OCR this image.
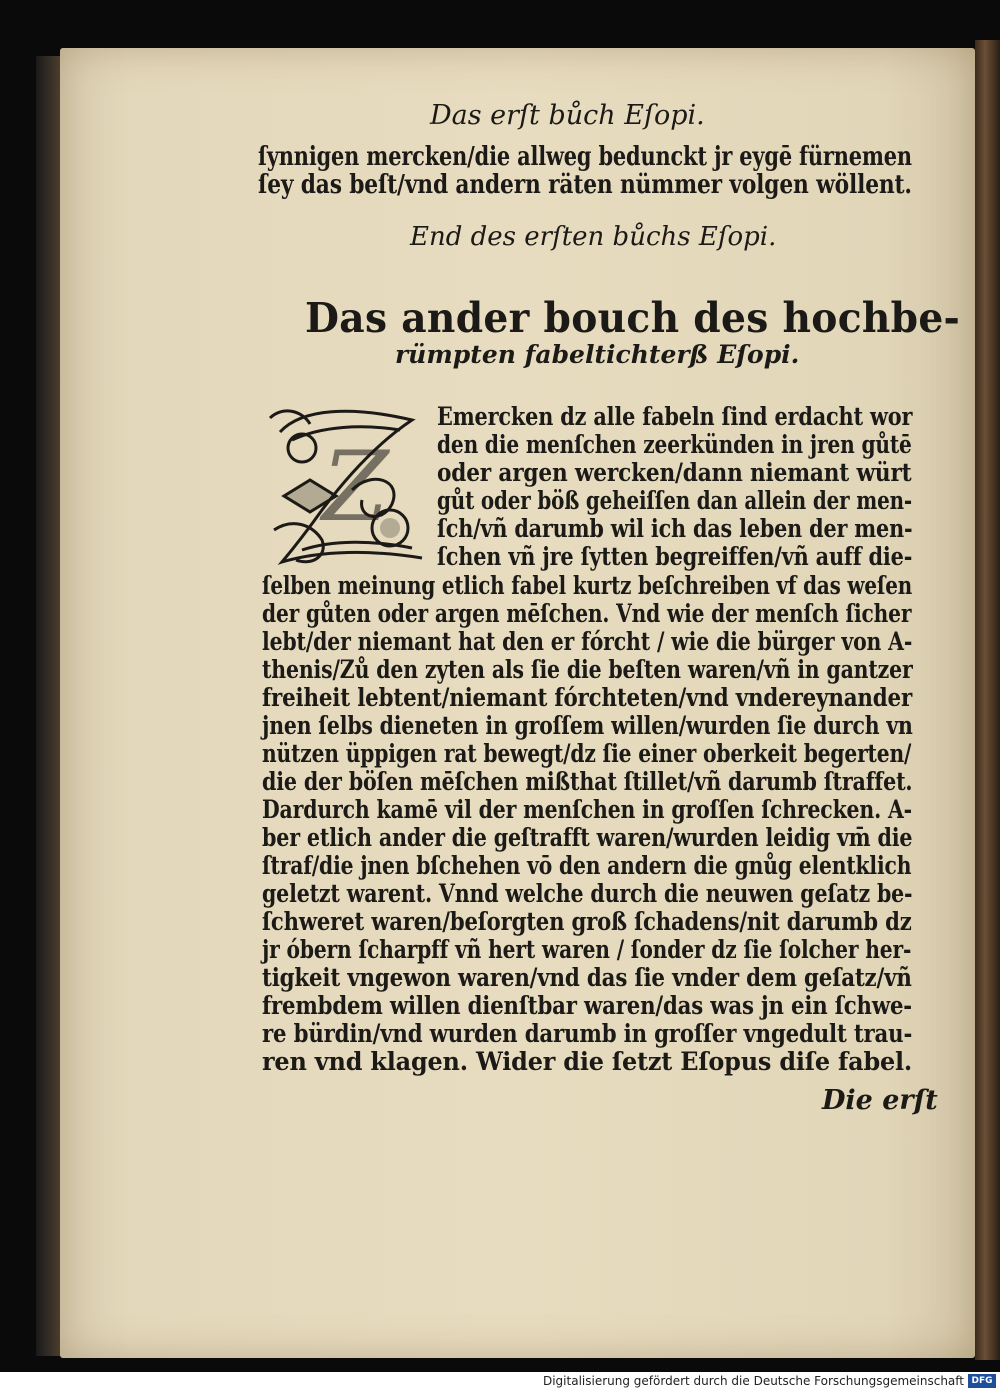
Das erſt bůch Eſopi.
ſynnigen mercken/die allweg bedunckt jr eygē fürnemen
ſey das beſt/vnd andern räten nümmer volgen wöllent.
End des erſten bůchs Eſopi.
Das ander bouch des hochbe-
rümpten fabeltichterß Eſopi.
Z
Emercken dz alle fabeln ſind erdacht wor
den die menſchen zeerkünden in jren gůtē
oder argen wercken/dann niemant würt
gůt oder böß geheiſſen dan allein der men-
ſch/vñ darumb wil ich das leben der men-
ſchen vñ jre ſytten begreiffen/vñ auff die-
ſelben meinung etlich fabel kurtz beſchreiben vf das weſen
der gůten oder argen mēſchen. Vnd wie der menſch ſicher
lebt/der niemant hat den er fórcht / wie die bürger von A-
thenis/Zů den zyten als ſie die beſten waren/vñ in gantzer
freiheit lebtent/niemant fórchteten/vnd vndereynander
jnen ſelbs dieneten in groſſem willen/wurden ſie durch vn
nützen üppigen rat bewegt/dz ſie einer oberkeit begerten/
die der böſen mēſchen mißthat ſtillet/vñ darumb ſtraffet.
Dardurch kamē vil der menſchen in groſſen ſchrecken. A-
ber etlich ander die geſtrafft waren/wurden leidig vm̄ die
ſtraf/die jnen bſchehen vō den andern die gnůg elentklich
geletzt warent. Vnnd welche durch die neuwen geſatz be-
ſchweret waren/beſorgten groß ſchadens/nit darumb dz
jr óbern ſcharpff vñ hert waren / ſonder dz ſie ſolcher her-
tigkeit vngewon waren/vnd das ſie vnder dem geſatz/vñ
frembdem willen dienſtbar waren/das was jn ein ſchwe-
re bürdin/vnd wurden darumb in groſſer vngedult trau-
ren vnd klagen. Wider die ſetzt Eſopus diſe fabel.
Die erſt
Digitalisierung gefördert durch die Deutsche Forschungsgemeinschaft DFG
